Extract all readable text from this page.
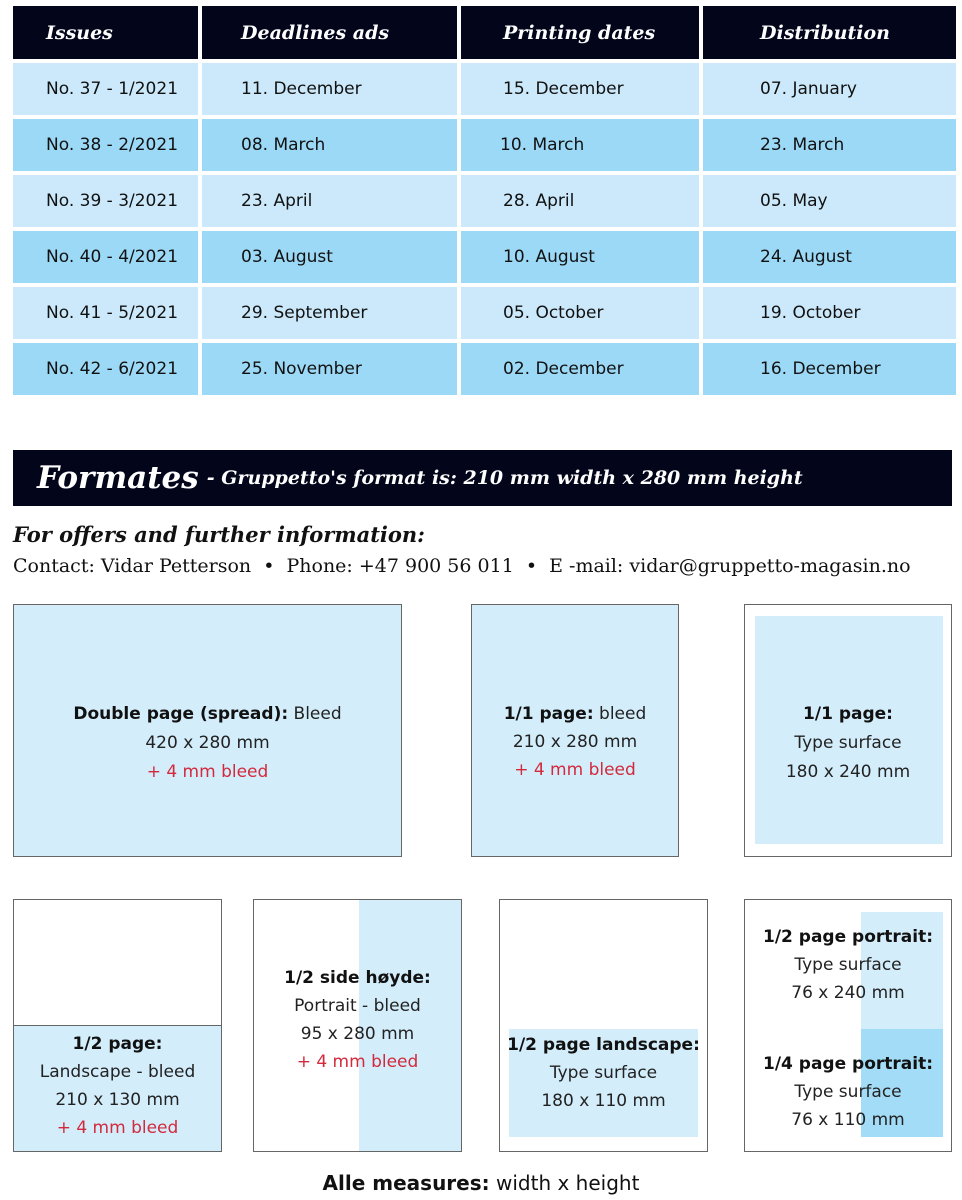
Issues	Deadlines ads	Printing dates	Distribution
No. 37 - 1/2021	11. December	15. December	07. January
No. 38 - 2/2021	08. March	10. March	23. March
No. 39 - 3/2021	23. April	28. April	05. May
No. 40 - 4/2021	03. August	10. August	24. August
No. 41 - 5/2021	29. September	05. October	19. October
No. 42 - 6/2021	25. November	02. December	16. December
Formates - Gruppetto's format is: 210 mm width x 280 mm height
For offers and further information:
Contact: Vidar Petterson • Phone: +47 900 56 011 • E -mail: vidar@gruppetto-magasin.no
Double page (spread): Bleed
420 x 280 mm
+ 4 mm bleed
1/1 page: bleed
210 x 280 mm
+ 4 mm bleed
1/1 page:
Type surface
180 x 240 mm
1/2 page:
Landscape - bleed
210 x 130 mm
+ 4 mm bleed
1/2 side høyde:
Portrait - bleed
95 x 280 mm
+ 4 mm bleed
1/2 page landscape:
Type surface
180 x 110 mm
1/2 page portrait:
Type surface
76 x 240 mm
1/4 page portrait:
Type surface
76 x 110 mm
Alle measures: width x height
